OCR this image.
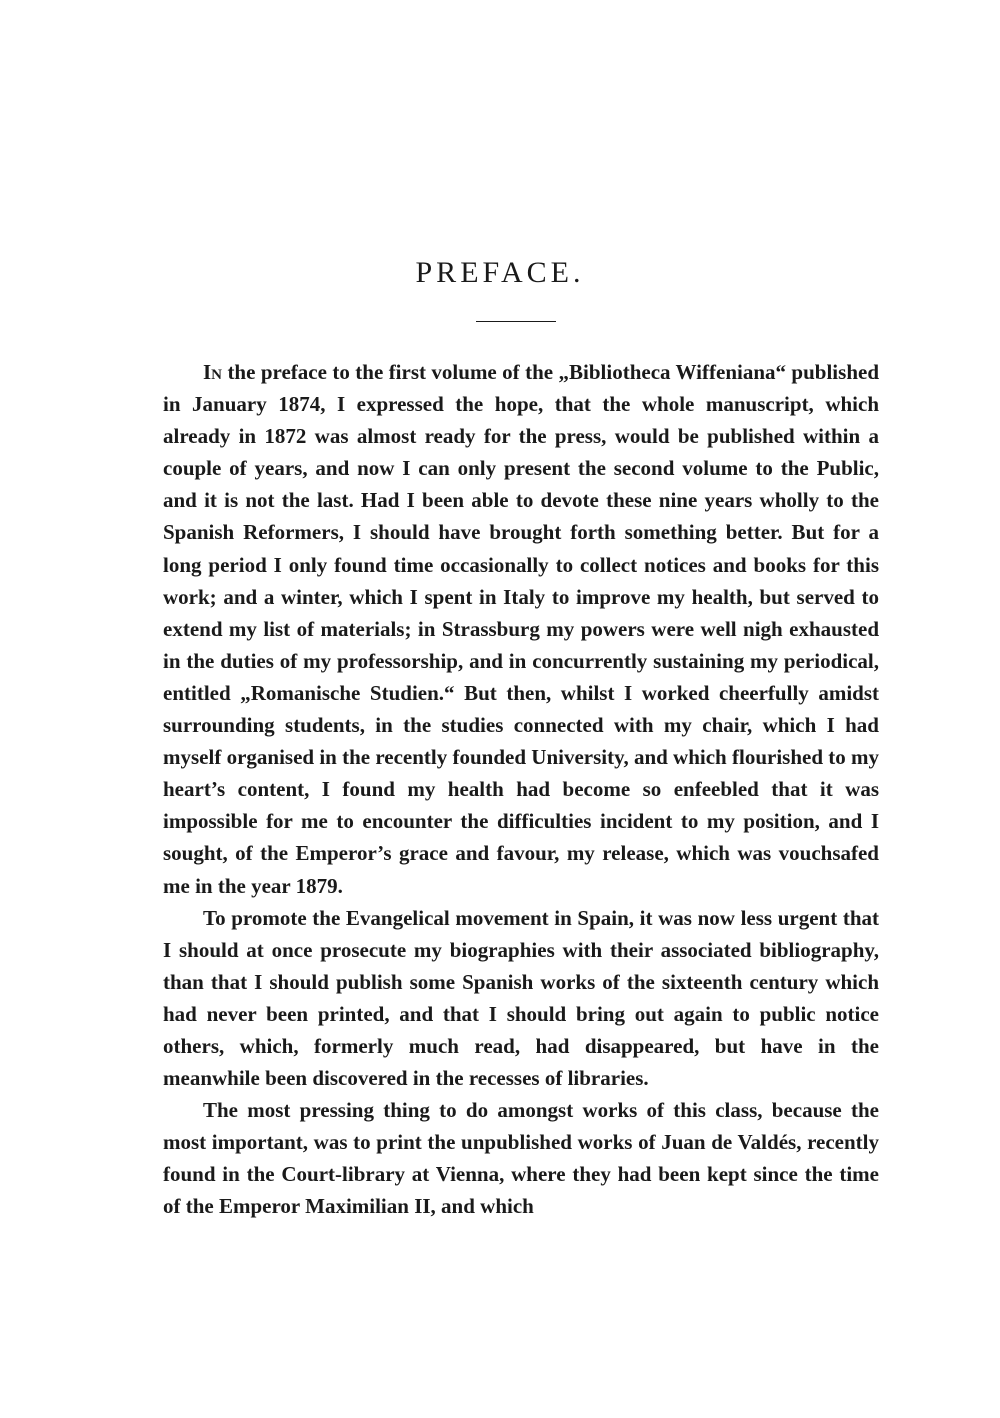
PREFACE.

In the preface to the first volume of the „Bibliotheca Wiffeniana“ published in January 1874, I expressed the hope, that the whole manuscript, which already in 1872 was almost ready for the press, would be published within a couple of years, and now I can only present the second volume to the Public, and it is not the last. Had I been able to devote these nine years wholly to the Spanish Reformers, I should have brought forth something better. But for a long period I only found time occasionally to collect notices and books for this work; and a winter, which I spent in Italy to improve my health, but served to extend my list of materials; in Strassburg my powers were well nigh exhausted in the duties of my professorship, and in concurrently sustaining my periodical, entitled „Romanische Studien.“ But then, whilst I worked cheerfully amidst surrounding students, in the studies connected with my chair, which I had myself organised in the recently founded University, and which flourished to my heart’s content, I found my health had become so enfeebled that it was impossible for me to encounter the difficulties incident to my position, and I sought, of the Emperor’s grace and favour, my release, which was vouchsafed me in the year 1879.

To promote the Evangelical movement in Spain, it was now less urgent that I should at once prosecute my biographies with their associated bibliography, than that I should publish some Spanish works of the sixteenth century which had never been printed, and that I should bring out again to public notice others, which, formerly much read, had disappeared, but have in the meanwhile been discovered in the recesses of libraries.

The most pressing thing to do amongst works of this class, because the most important, was to print the unpublished works of Juan de Valdés, recently found in the Court-library at Vienna, where they had been kept since the time of the Emperor Maximilian II, and which
